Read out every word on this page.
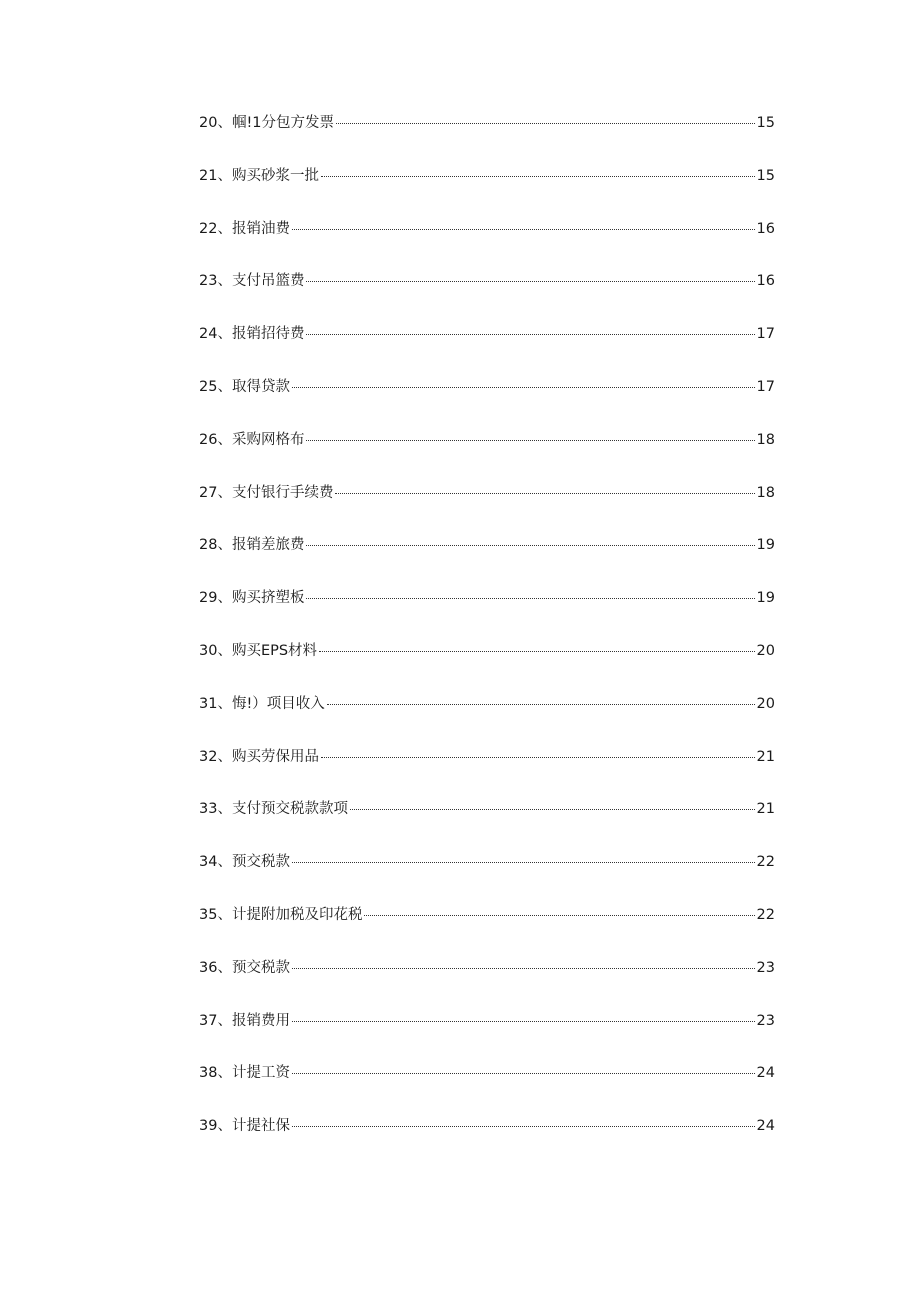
20、帼!1分包方发票	15
21、购买砂浆一批	15
22、报销油费	16
23、支付吊篮费	16
24、报销招待费	17
25、取得贷款	17
26、采购网格布	18
27、支付银行手续费	18
28、报销差旅费	19
29、购买挤塑板	19
30、购买EPS材料	20
31、悔!）项目收入	20
32、购买劳保用品	21
33、支付预交税款款项	21
34、预交税款	22
35、计提附加税及印花税	22
36、预交税款	23
37、报销费用	23
38、计提工资	24
39、计提社保	24
